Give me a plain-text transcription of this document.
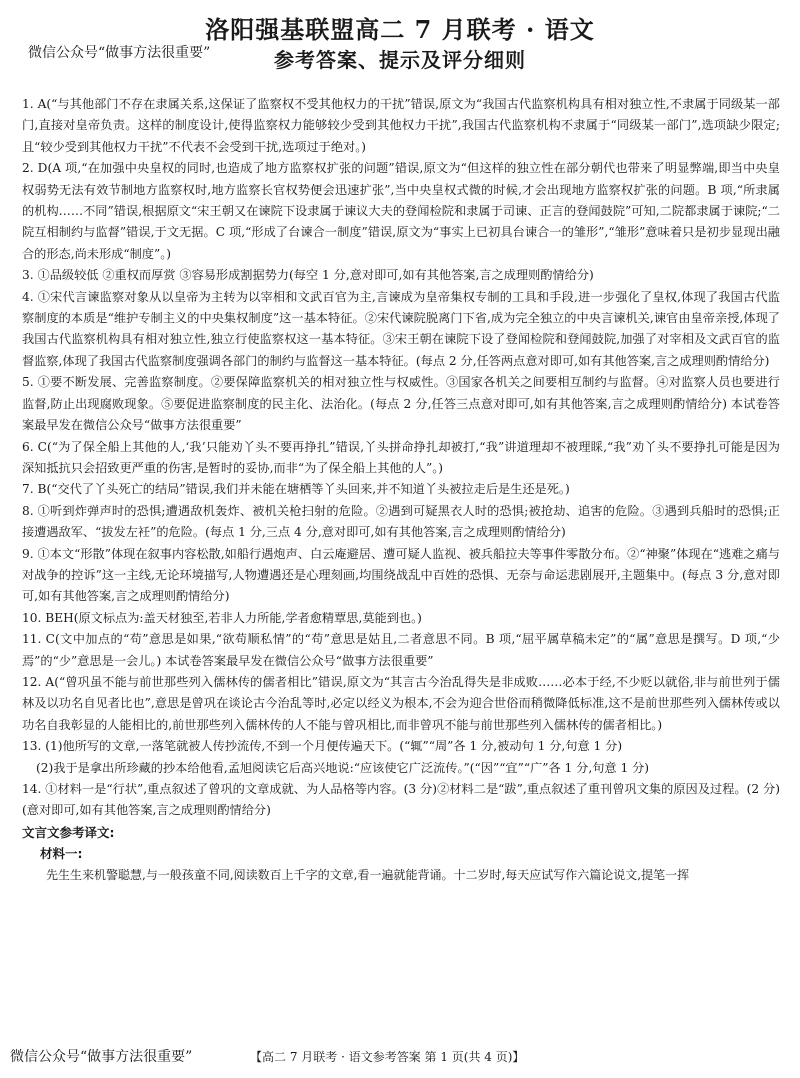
微信公众号“做事方法很重要”
洛阳强基联盟高二 7 月联考 · 语文
参考答案、提示及评分细则

1. A(“与其他部门不存在隶属关系,这保证了监察权不受其他权力的干扰”错误,原文为“我国古代监察机构具有相对独立性,不隶属于同级某一部门,直接对皇帝负责。这样的制度设计,使得监察权力能够较少受到其他权力干扰”,我国古代监察机构不隶属于“同级某一部门”,选项缺少限定;且“较少受到其他权力干扰”不代表不会受到干扰,选项过于绝对。)

2. D(A 项,“在加强中央皇权的同时,也造成了地方监察权扩张的问题”错误,原文为“但这样的独立性在部分朝代也带来了明显弊端,即当中央皇权弱势无法有效节制地方监察权时,地方监察长官权势便会迅速扩张”,当中央皇权式微的时候,才会出现地方监察权扩张的问题。B 项,“所隶属的机构……不同”错误,根据原文“宋王朝又在谏院下设隶属于谏议大夫的登闻检院和隶属于司谏、正言的登闻鼓院”可知,二院都隶属于谏院;“二院互相制约与监督”错误,于文无据。C 项,“形成了台谏合一制度”错误,原文为“事实上已初具台谏合一的雏形”,“雏形”意味着只是初步显现出融合的形态,尚未形成“制度”。)

3. ①品级较低 ②重权而厚赏 ③容易形成割据势力(每空 1 分,意对即可,如有其他答案,言之成理则酌情给分)

4. ①宋代言谏监察对象从以皇帝为主转为以宰相和文武百官为主,言谏成为皇帝集权专制的工具和手段,进一步强化了皇权,体现了我国古代监察制度的本质是“维护专制主义的中央集权制度”这一基本特征。②宋代谏院脱离门下省,成为完全独立的中央言谏机关,谏官由皇帝亲授,体现了我国古代监察机构具有相对独立性,独立行使监察权这一基本特征。③宋王朝在谏院下设了登闻检院和登闻鼓院,加强了对宰相及文武百官的监督监察,体现了我国古代监察制度强调各部门的制约与监督这一基本特征。(每点 2 分,任答两点意对即可,如有其他答案,言之成理则酌情给分)

5. ①要不断发展、完善监察制度。②要保障监察机关的相对独立性与权威性。③国家各机关之间要相互制约与监督。④对监察人员也要进行监督,防止出现腐败现象。⑤要促进监察制度的民主化、法治化。(每点 2 分,任答三点意对即可,如有其他答案,言之成理则酌情给分) 本试卷答案最早发在微信公众号“做事方法很重要”

6. C(“为了保全船上其他的人,‘我’只能劝丫头不要再挣扎”错误,丫头拼命挣扎却被打,“我”讲道理却不被理睬,“我”劝丫头不要挣扎可能是因为深知抵抗只会招致更严重的伤害,是暂时的妥协,而非“为了保全船上其他的人”。)

7. B(“交代了丫头死亡的结局”错误,我们并未能在塘栖等丫头回来,并不知道丫头被拉走后是生还是死。)

8. ①听到炸弹声时的恐惧;遭遇敌机轰炸、被机关枪扫射的危险。②遇到可疑黑衣人时的恐惧;被抢劫、追害的危险。③遇到兵船时的恐惧;正接遭遇敌军、“拔发左衽”的危险。(每点 1 分,三点 4 分,意对即可,如有其他答案,言之成理则酌情给分)

9. ①本文“形散”体现在叙事内容松散,如船行遇炮声、白云庵避居、遭可疑人监视、被兵船拉夫等事件零散分布。②“神聚”体现在“逃难之痛与对战争的控诉”这一主线,无论环境描写,人物遭遇还是心理刻画,均围绕战乱中百姓的恐惧、无奈与命运悲剧展开,主题集中。(每点 3 分,意对即可,如有其他答案,言之成理则酌情给分)

10. BEH(原文标点为:盖天材独至,若非人力所能,学者愈精覃思,莫能到也。)

11. C(文中加点的“苟”意思是如果,“欲苟顺私情”的“苟”意思是姑且,二者意思不同。B 项,“屈平属草稿未定”的“属”意思是撰写。D 项,“少焉”的“少”意思是一会儿。) 本试卷答案最早发在微信公众号“做事方法很重要”

12. A(“曾巩虽不能与前世那些列入儒林传的儒者相比”错误,原文为“其言古今治乱得失是非成败……必本于经,不少贬以就俗,非与前世列于儒林及以功名自见者比也”,意思是曾巩在谈论古今治乱等时,必定以经义为根本,不会为迎合世俗而稍微降低标准,这不是前世那些列入儒林传或以功名自我彰显的人能相比的,前世那些列入儒林传的人不能与曾巩相比,而非曾巩不能与前世那些列入儒林传的儒者相比。)

13. (1)他所写的文章,一落笔就被人传抄流传,不到一个月便传遍天下。(“辄”“周”各 1 分,被动句 1 分,句意 1 分)

(2)我于是拿出所珍藏的抄本给他看,孟旭阅读它后高兴地说:“应该使它广泛流传。”(“因”“宜”“广”各 1 分,句意 1 分)

14. ①材料一是“行状”,重点叙述了曾巩的文章成就、为人品格等内容。(3 分)②材料二是“跋”,重点叙述了重刊曾巩文集的原因及过程。(2 分)(意对即可,如有其他答案,言之成理则酌情给分)

文言文参考译文:

材料一:

先生生来机警聪慧,与一般孩童不同,阅读数百上千字的文章,看一遍就能背诵。十二岁时,每天应试写作六篇论说文,提笔一挥

微信公众号“做事方法很重要”	【高二 7 月联考 · 语文参考答案 第 1 页(共 4 页)】
